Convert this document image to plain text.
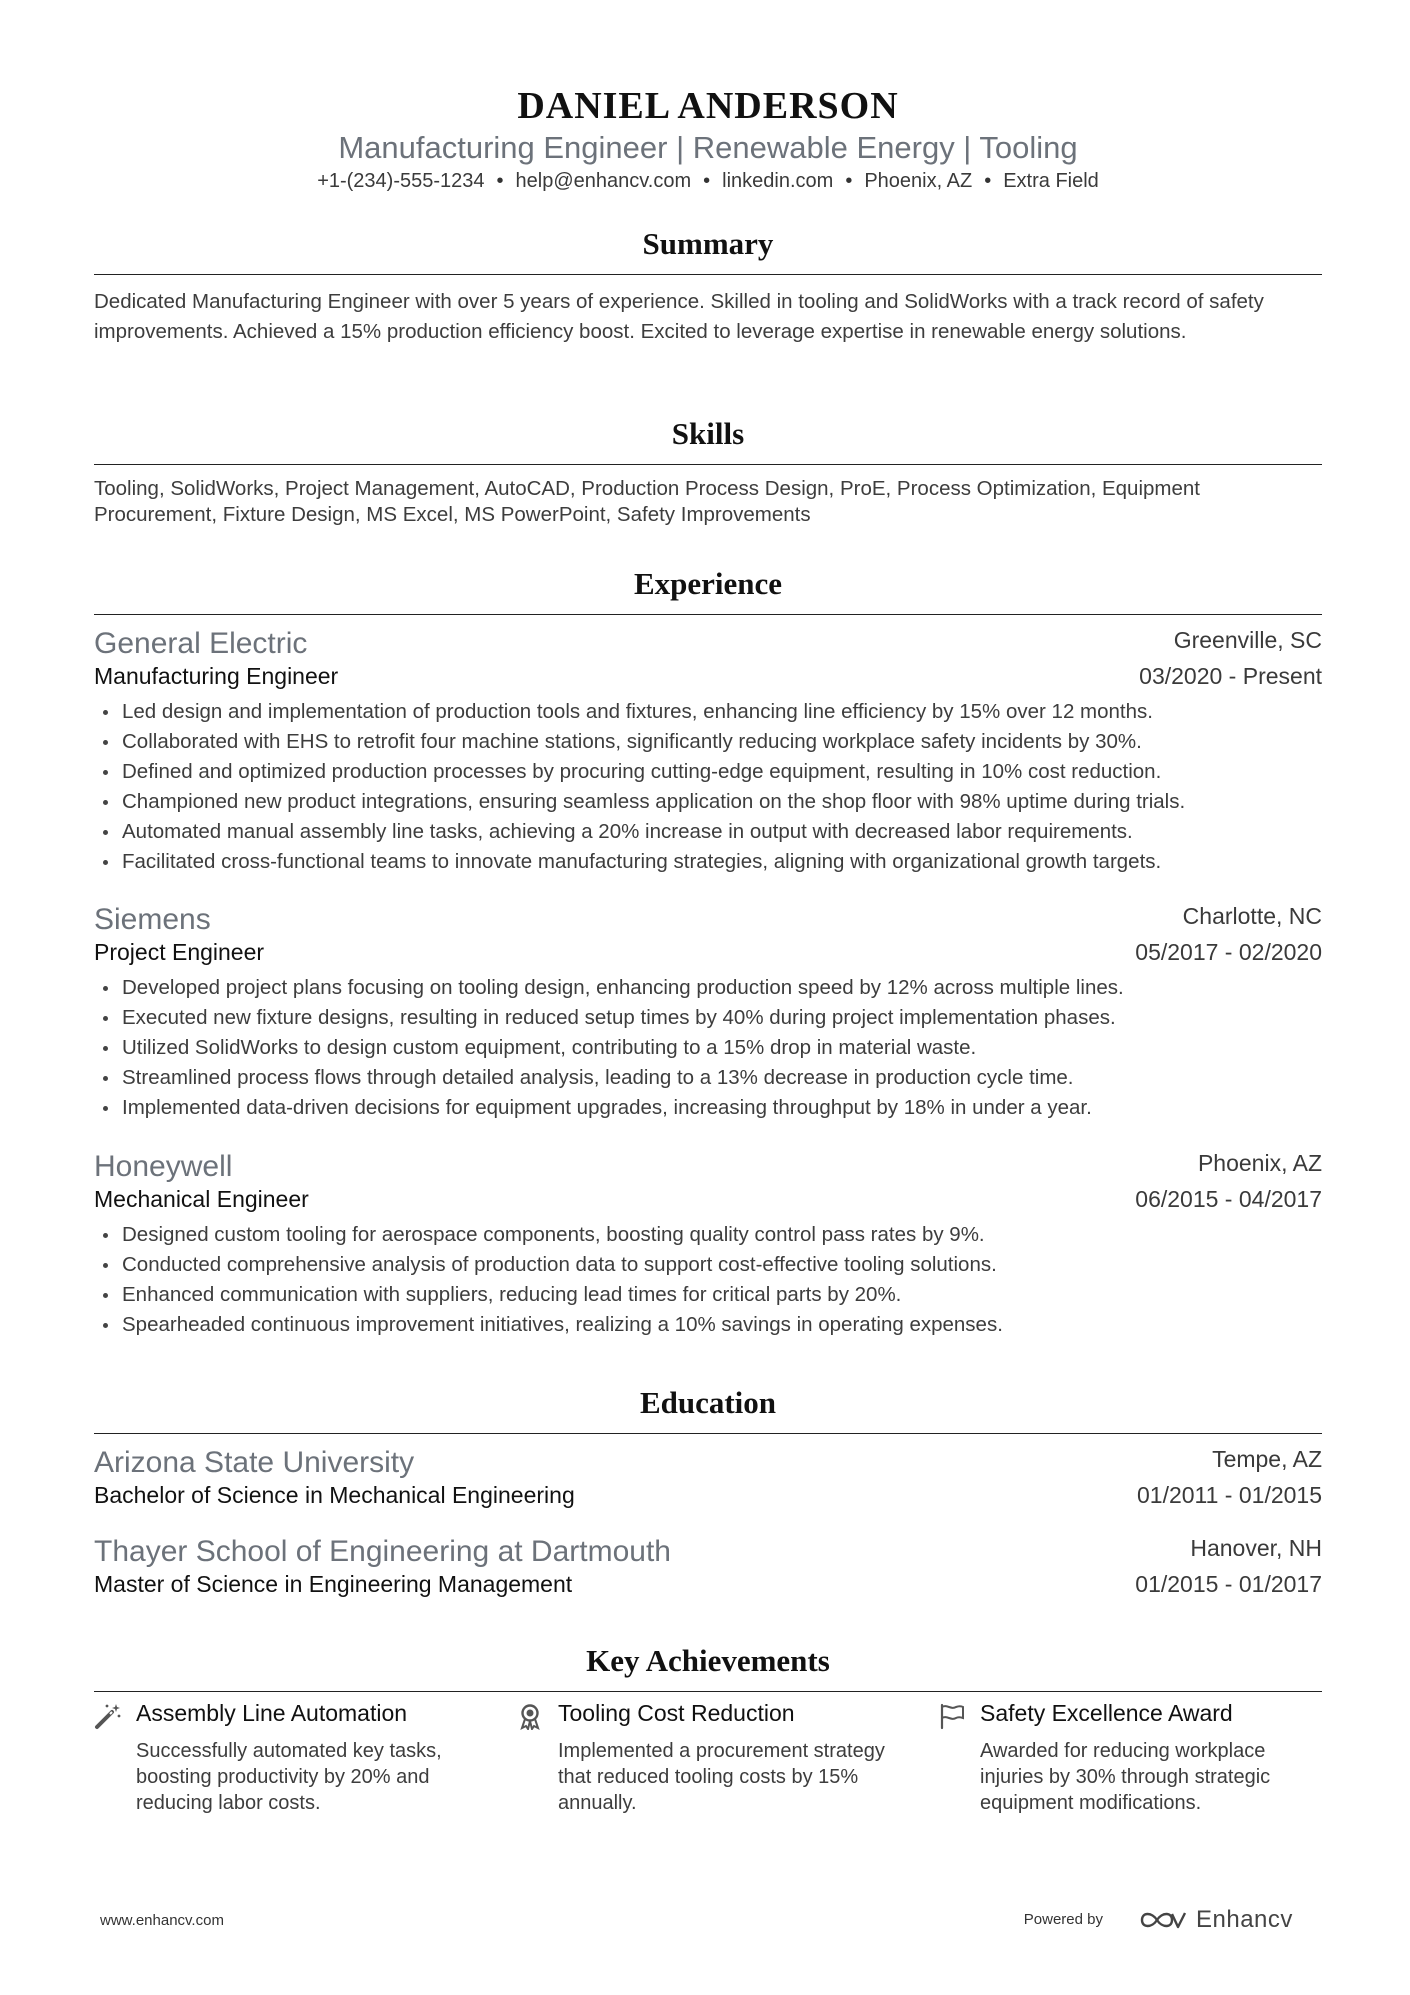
DANIEL ANDERSON
Manufacturing Engineer | Renewable Energy | Tooling
+1-(234)-555-1234 • help@enhancv.com • linkedin.com • Phoenix, AZ • Extra Field
Summary
Dedicated Manufacturing Engineer with over 5 years of experience. Skilled in tooling and SolidWorks with a track record of safety improvements. Achieved a 15% production efficiency boost. Excited to leverage expertise in renewable energy solutions.
Skills
Tooling, SolidWorks, Project Management, AutoCAD, Production Process Design, ProE, Process Optimization, Equipment Procurement, Fixture Design, MS Excel, MS PowerPoint, Safety Improvements
Experience
General Electric	Greenville, SC
Manufacturing Engineer	03/2020 - Present
Led design and implementation of production tools and fixtures, enhancing line efficiency by 15% over 12 months.
Collaborated with EHS to retrofit four machine stations, significantly reducing workplace safety incidents by 30%.
Defined and optimized production processes by procuring cutting-edge equipment, resulting in 10% cost reduction.
Championed new product integrations, ensuring seamless application on the shop floor with 98% uptime during trials.
Automated manual assembly line tasks, achieving a 20% increase in output with decreased labor requirements.
Facilitated cross-functional teams to innovate manufacturing strategies, aligning with organizational growth targets.
Siemens	Charlotte, NC
Project Engineer	05/2017 - 02/2020
Developed project plans focusing on tooling design, enhancing production speed by 12% across multiple lines.
Executed new fixture designs, resulting in reduced setup times by 40% during project implementation phases.
Utilized SolidWorks to design custom equipment, contributing to a 15% drop in material waste.
Streamlined process flows through detailed analysis, leading to a 13% decrease in production cycle time.
Implemented data-driven decisions for equipment upgrades, increasing throughput by 18% in under a year.
Honeywell	Phoenix, AZ
Mechanical Engineer	06/2015 - 04/2017
Designed custom tooling for aerospace components, boosting quality control pass rates by 9%.
Conducted comprehensive analysis of production data to support cost-effective tooling solutions.
Enhanced communication with suppliers, reducing lead times for critical parts by 20%.
Spearheaded continuous improvement initiatives, realizing a 10% savings in operating expenses.
Education
Arizona State University	Tempe, AZ
Bachelor of Science in Mechanical Engineering	01/2011 - 01/2015
Thayer School of Engineering at Dartmouth	Hanover, NH
Master of Science in Engineering Management	01/2015 - 01/2017
Key Achievements
Assembly Line Automation
Successfully automated key tasks, boosting productivity by 20% and reducing labor costs.
Tooling Cost Reduction
Implemented a procurement strategy that reduced tooling costs by 15% annually.
Safety Excellence Award
Awarded for reducing workplace injuries by 30% through strategic equipment modifications.
www.enhancv.com	Powered by	Enhancv
